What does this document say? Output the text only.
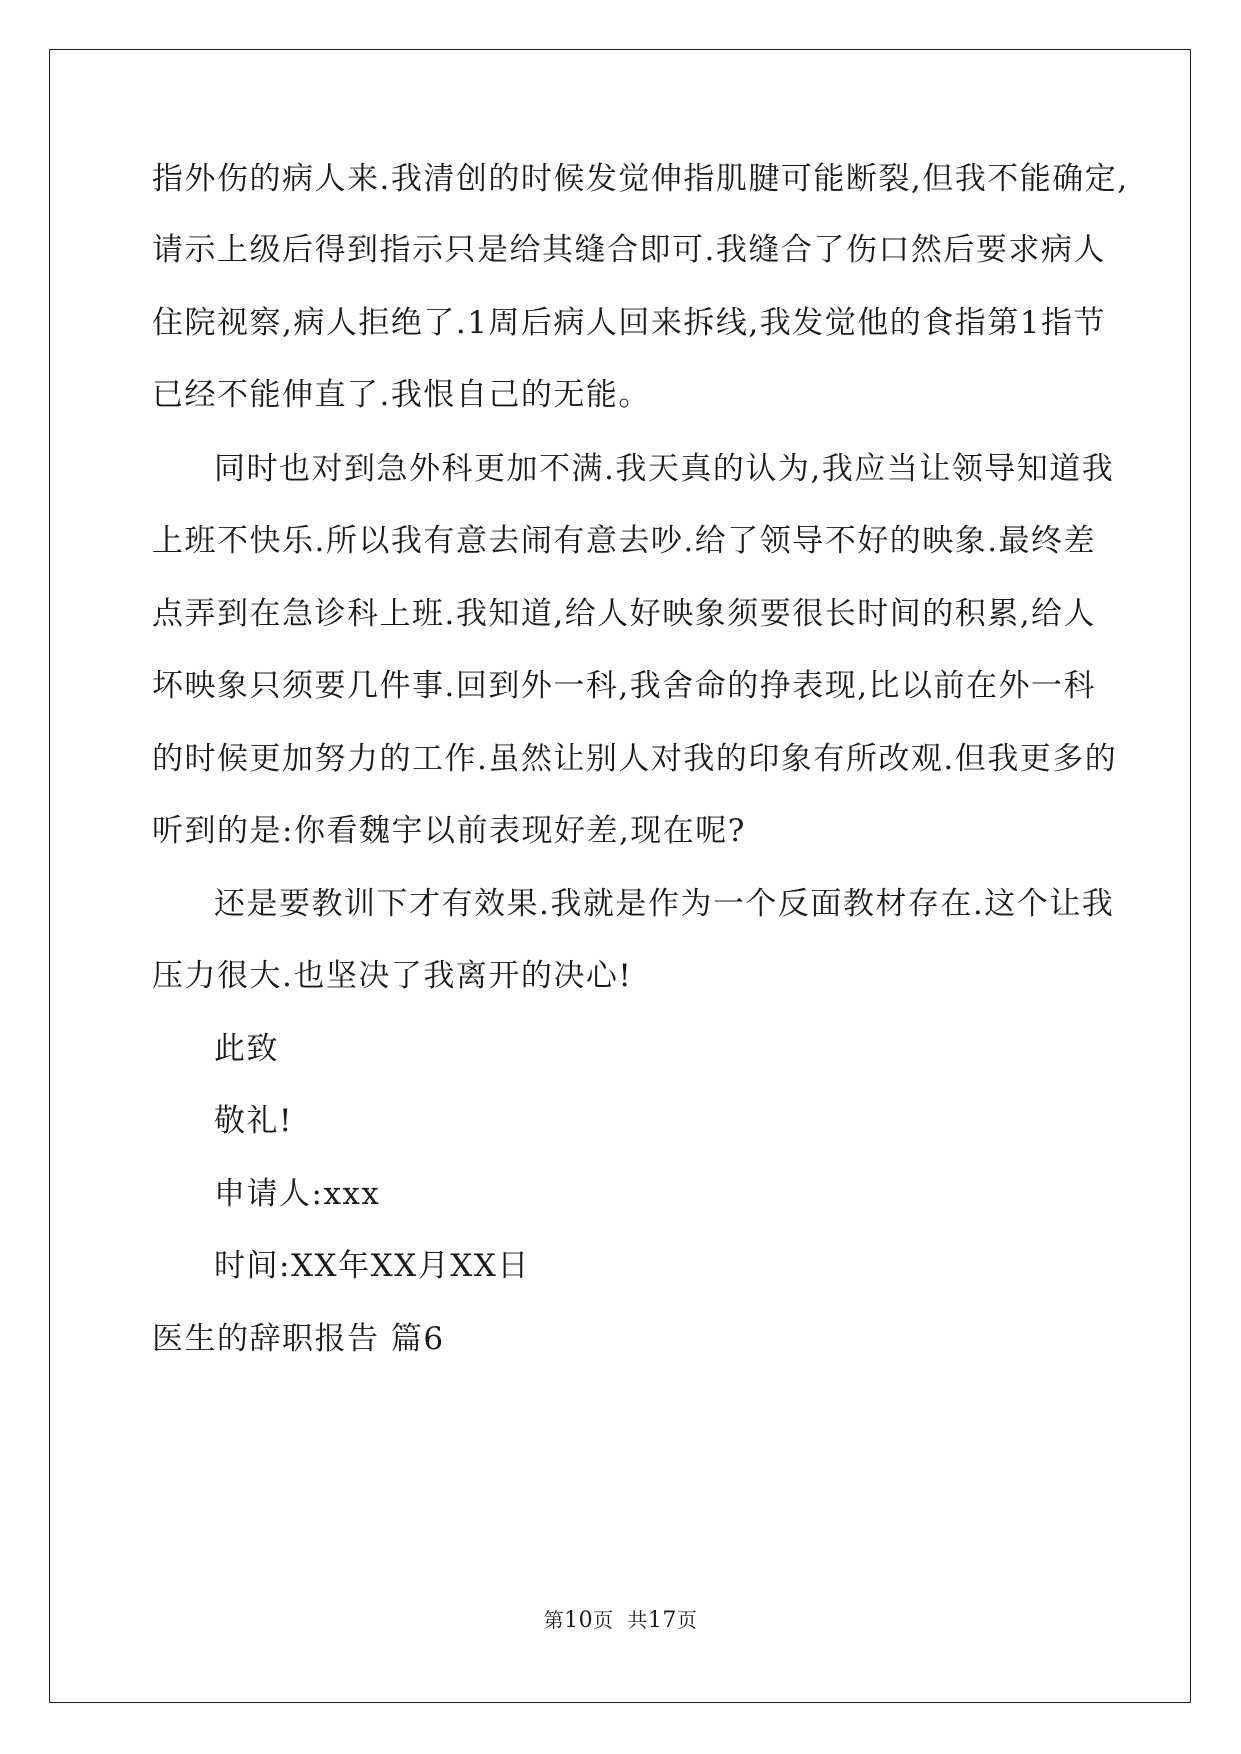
指外伤的病人来.我清创的时候发觉伸指肌腱可能断裂,但我不能确定,
请示上级后得到指示只是给其缝合即可.我缝合了伤口然后要求病人
住院视察,病人拒绝了.1周后病人回来拆线,我发觉他的食指第1指节
已经不能伸直了.我恨自己的无能。
同时也对到急外科更加不满.我天真的认为,我应当让领导知道我
上班不快乐.所以我有意去闹有意去吵.给了领导不好的映象.最终差
点弄到在急诊科上班.我知道,给人好映象须要很长时间的积累,给人
坏映象只须要几件事.回到外一科,我舍命的挣表现,比以前在外一科
的时候更加努力的工作.虽然让别人对我的印象有所改观.但我更多的
听到的是:你看魏宇以前表现好差,现在呢?
还是要教训下才有效果.我就是作为一个反面教材存在.这个让我
压力很大.也坚决了我离开的决心!
此致
敬礼!
申请人:xxx
时间:XX年XX月XX日
医生的辞职报告 篇6
第10页  共17页
